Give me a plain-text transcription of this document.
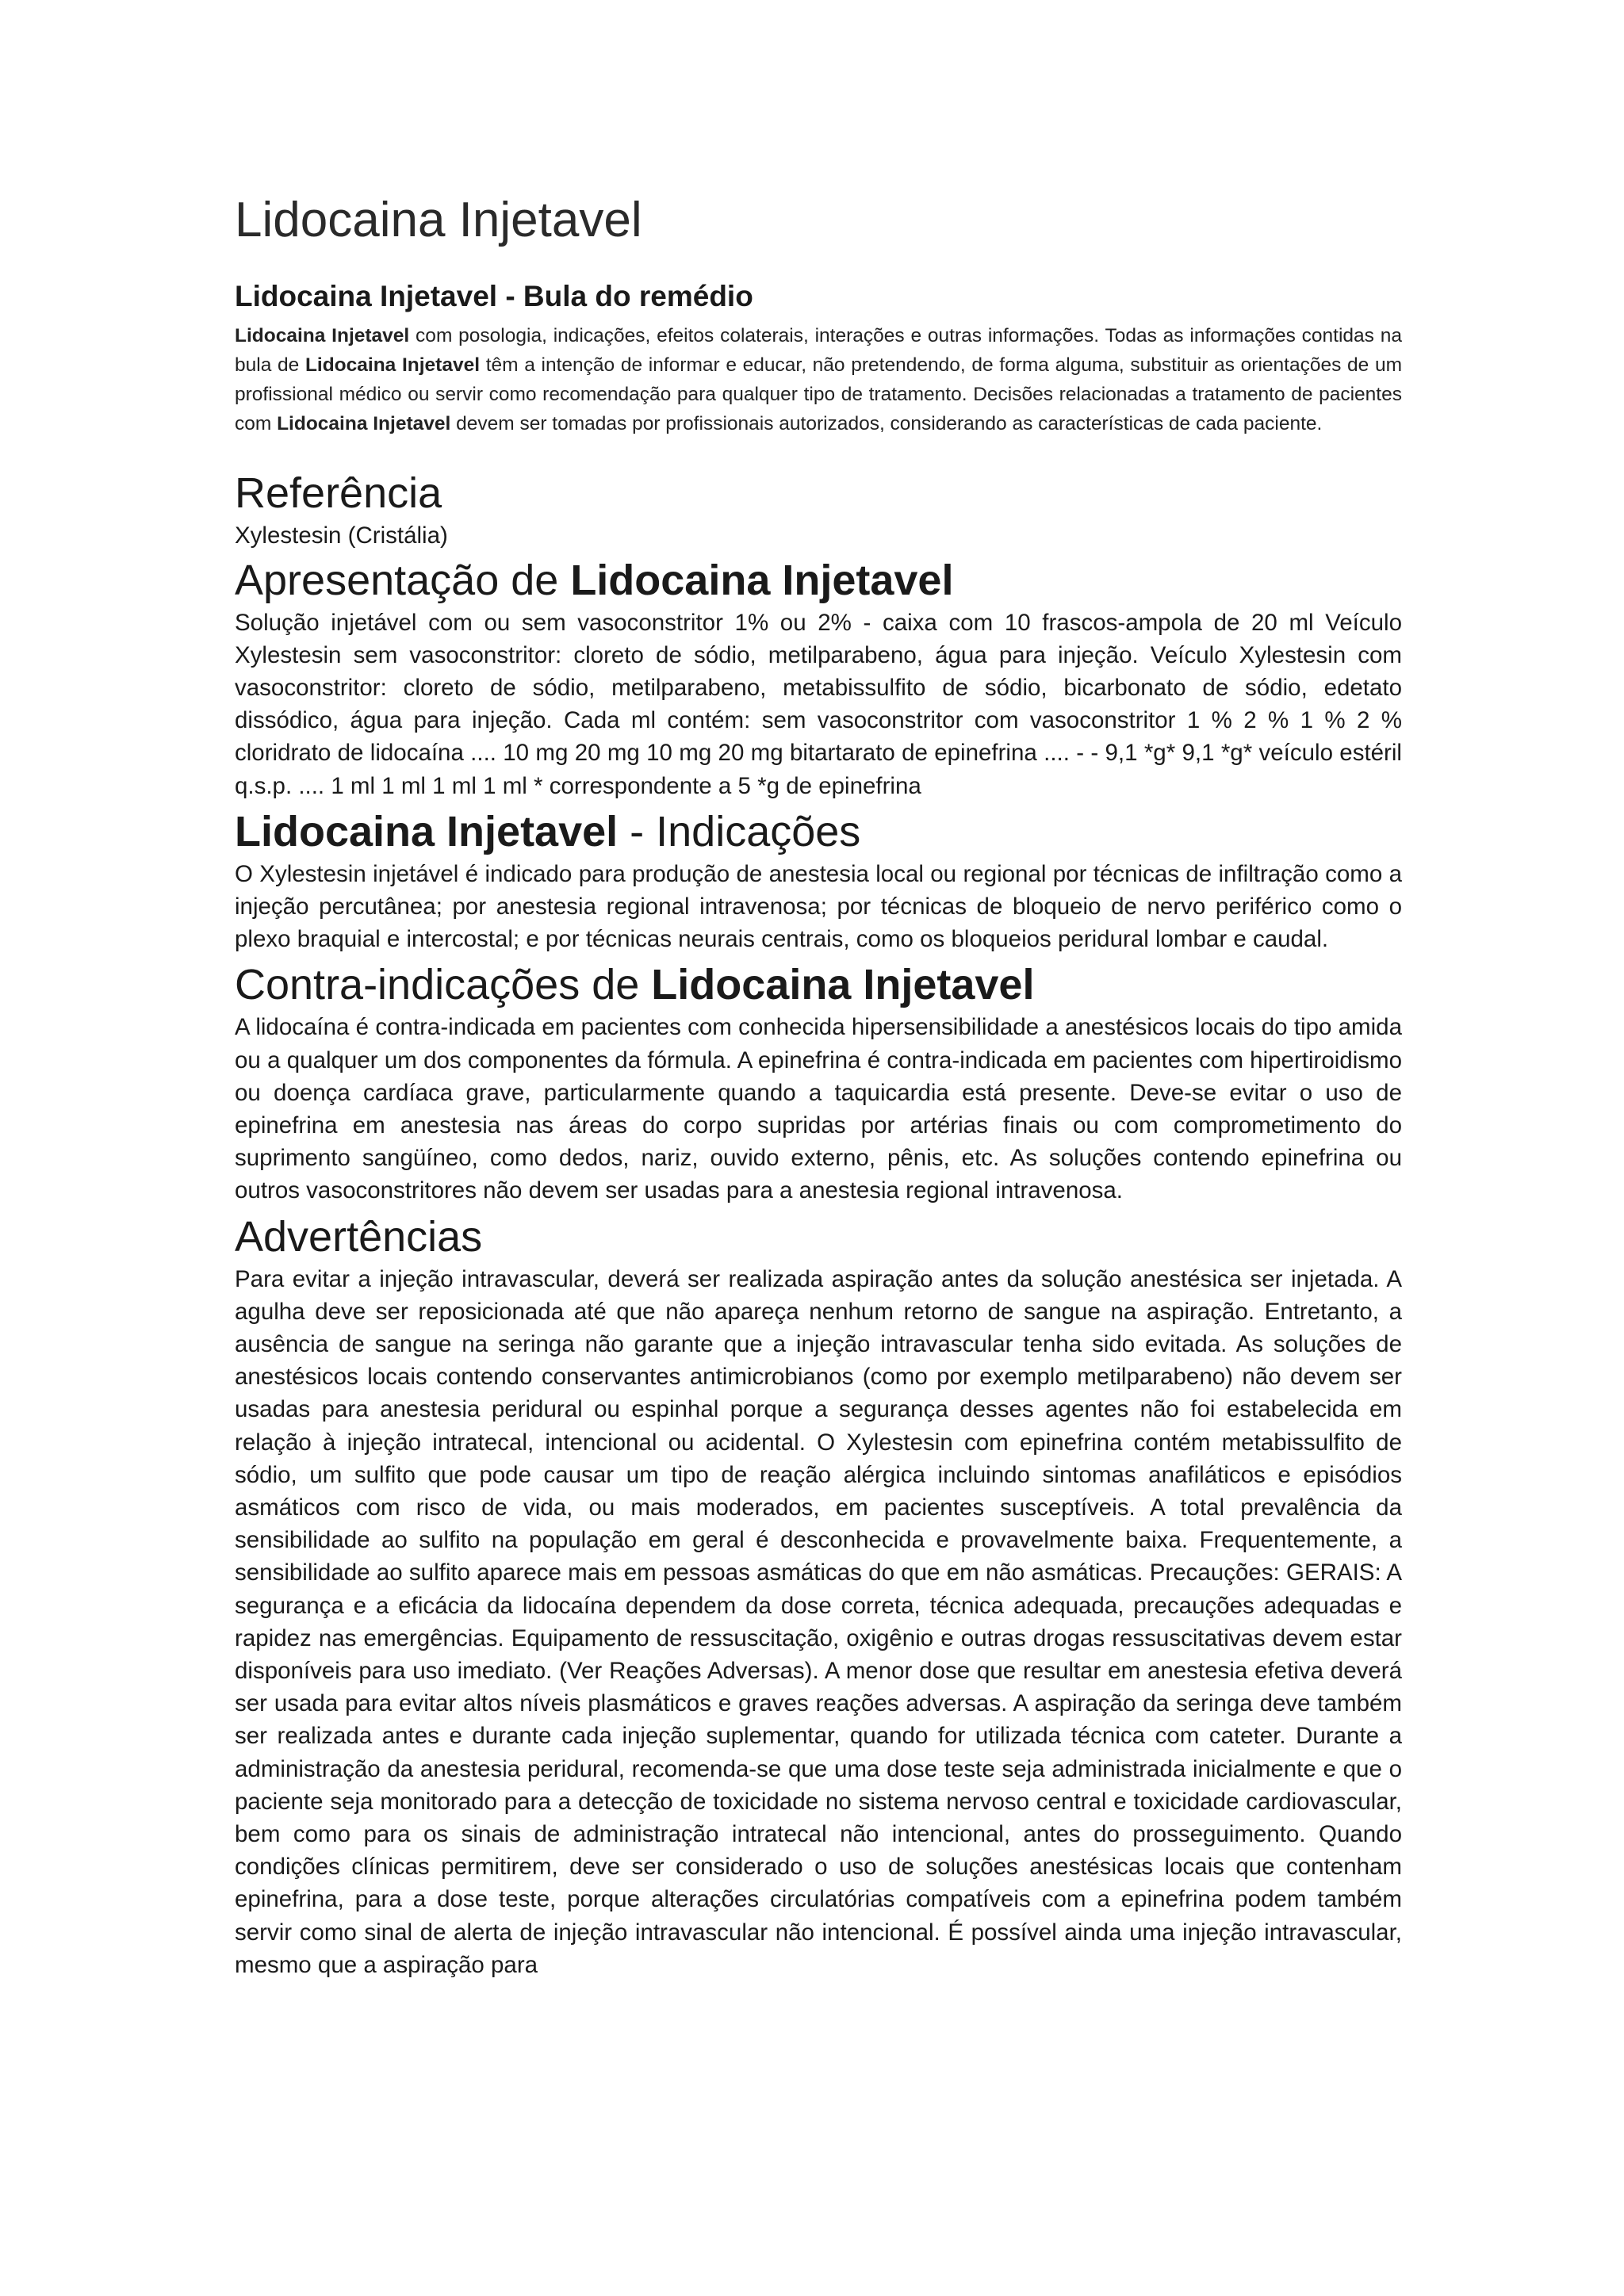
Lidocaina Injetavel
Lidocaina Injetavel - Bula do remédio

Lidocaina Injetavel com posologia, indicações, efeitos colaterais, interações e outras informações. Todas as informações contidas na bula de Lidocaina Injetavel têm a intenção de informar e educar, não pretendendo, de forma alguma, substituir as orientações de um profissional médico ou servir como recomendação para qualquer tipo de tratamento. Decisões relacionadas a tratamento de pacientes com Lidocaina Injetavel devem ser tomadas por profissionais autorizados, considerando as características de cada paciente.

Referência

Xylestesin (Cristália)

Apresentação de Lidocaina Injetavel

Solução injetável com ou sem vasoconstritor 1% ou 2% - caixa com 10 frascos-ampola de 20 ml Veículo Xylestesin sem vasoconstritor: cloreto de sódio, metilparabeno, água para injeção. Veículo Xylestesin com vasoconstritor: cloreto de sódio, metilparabeno, metabissulfito de sódio, bicarbonato de sódio, edetato dissódico, água para injeção. Cada ml contém: sem vasoconstritor com vasoconstritor 1 % 2 % 1 % 2 % cloridrato de lidocaína .... 10 mg 20 mg 10 mg 20 mg bitartarato de epinefrina .... - - 9,1 *g* 9,1 *g* veículo estéril q.s.p. .... 1 ml 1 ml 1 ml 1 ml * correspondente a 5 *g de epinefrina

Lidocaina Injetavel - Indicações

O Xylestesin injetável é indicado para produção de anestesia local ou regional por técnicas de infiltração como a injeção percutânea; por anestesia regional intravenosa; por técnicas de bloqueio de nervo periférico como o plexo braquial e intercostal; e por técnicas neurais centrais, como os bloqueios peridural lombar e caudal.

Contra-indicações de Lidocaina Injetavel

A lidocaína é contra-indicada em pacientes com conhecida hipersensibilidade a anestésicos locais do tipo amida ou a qualquer um dos componentes da fórmula. A epinefrina é contra-indicada em pacientes com hipertiroidismo ou doença cardíaca grave, particularmente quando a taquicardia está presente. Deve-se evitar o uso de epinefrina em anestesia nas áreas do corpo supridas por artérias finais ou com comprometimento do suprimento sangüíneo, como dedos, nariz, ouvido externo, pênis, etc. As soluções contendo epinefrina ou outros vasoconstritores não devem ser usadas para a anestesia regional intravenosa.

Advertências

Para evitar a injeção intravascular, deverá ser realizada aspiração antes da solução anestésica ser injetada. A agulha deve ser reposicionada até que não apareça nenhum retorno de sangue na aspiração. Entretanto, a ausência de sangue na seringa não garante que a injeção intravascular tenha sido evitada. As soluções de anestésicos locais contendo conservantes antimicrobianos (como por exemplo metilparabeno) não devem ser usadas para anestesia peridural ou espinhal porque a segurança desses agentes não foi estabelecida em relação à injeção intratecal, intencional ou acidental. O Xylestesin com epinefrina contém metabissulfito de sódio, um sulfito que pode causar um tipo de reação alérgica incluindo sintomas anafiláticos e episódios asmáticos com risco de vida, ou mais moderados, em pacientes susceptíveis. A total prevalência da sensibilidade ao sulfito na população em geral é desconhecida e provavelmente baixa. Frequentemente, a sensibilidade ao sulfito aparece mais em pessoas asmáticas do que em não asmáticas. Precauções: GERAIS: A segurança e a eficácia da lidocaína dependem da dose correta, técnica adequada, precauções adequadas e rapidez nas emergências. Equipamento de ressuscitação, oxigênio e outras drogas ressuscitativas devem estar disponíveis para uso imediato. (Ver Reações Adversas). A menor dose que resultar em anestesia efetiva deverá ser usada para evitar altos níveis plasmáticos e graves reações adversas. A aspiração da seringa deve também ser realizada antes e durante cada injeção suplementar, quando for utilizada técnica com cateter. Durante a administração da anestesia peridural, recomenda-se que uma dose teste seja administrada inicialmente e que o paciente seja monitorado para a detecção de toxicidade no sistema nervoso central e toxicidade cardiovascular, bem como para os sinais de administração intratecal não intencional, antes do prosseguimento. Quando condições clínicas permitirem, deve ser considerado o uso de soluções anestésicas locais que contenham epinefrina, para a dose teste, porque alterações circulatórias compatíveis com a epinefrina podem também servir como sinal de alerta de injeção intravascular não intencional. É possível ainda uma injeção intravascular, mesmo que a aspiração para
